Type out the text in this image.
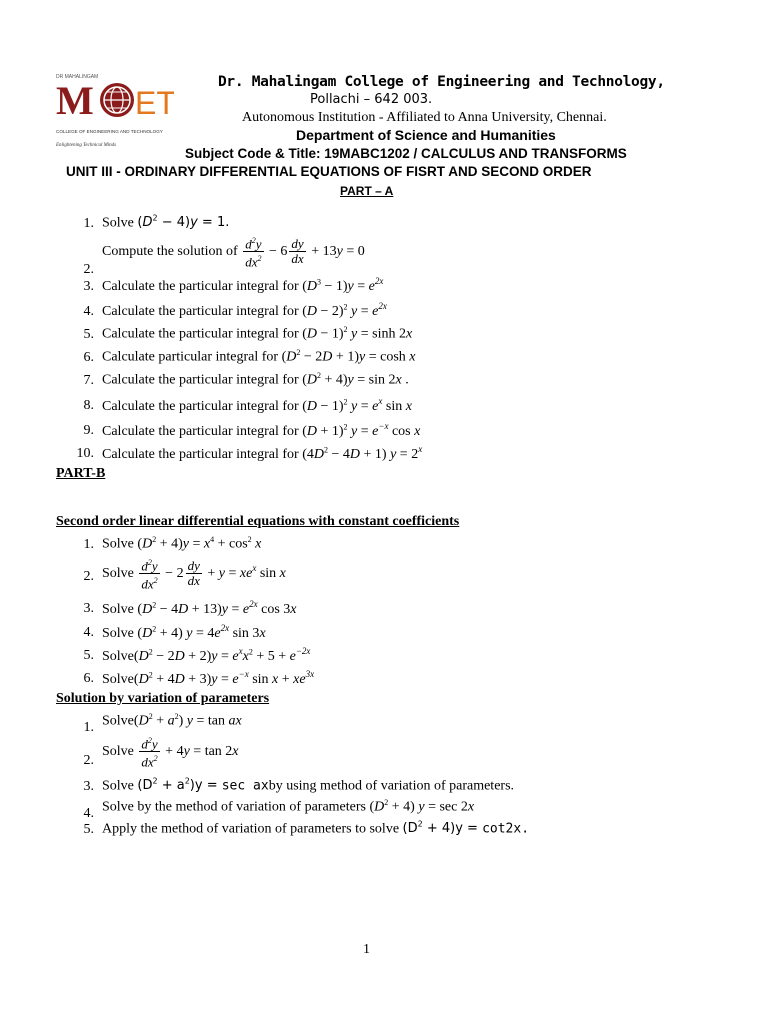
DR MAHALINGAM
M ET
COLLEGE OF ENGINEERING AND TECHNOLOGY
Enlightening Technical Minds
Dr. Mahalingam College of Engineering and Technology,
Pollachi – 642 003.
Autonomous Institution - Affiliated to Anna University, Chennai.
Department of Science and Humanities
Subject Code & Title: 19MABC1202 / CALCULUS AND TRANSFORMS
UNIT III - ORDINARY DIFFERENTIAL EQUATIONS OF FISRT AND SECOND ORDER
PART – A
1. Solve $(D^2 - 4)y = 1$.
2.
Compute the solution of $\frac{d^2y}{dx^2} - 6 \frac{dy}{dx} + 13y = 0$
3. Calculate the particular integral for $(D^3 - 1)y = e^{2x}$
4. Calculate the particular integral for $(D - 2)^2$ $y = e^{2x}$
5. Calculate the particular integral for $(D - 1)^2$ y = sinh 2x
6. Calculate particular integral for $(D^2 - 2D + 1)y = \cosh x$
7. Calculate the particular integral for $(D^2 + 4)y = \sin 2x$ .
8. Calculate the particular integral for $(D - 1)^2$ $y = e^x$ sin x
9. Calculate the particular integral for $(D + 1)^2$ $y = e^{-x}$ cos x
10. Calculate the particular integral for $(4D^2 - 4D + 1) y = 2^x$
PART-B
Second order linear differential equations with constant coefficients
1. Solve $(D^2 + 4)y = x^4 + \cos^2 x$
2. Solve $\frac{d^2y}{dx^2} - 2 \frac{dy}{dx} + y = xe^x$ sin x
3. Solve $(D^2 - 4D + 13)y = e^{2x}$ cos 3x
4. Solve $(D^2 + 4) y = 4e^{2x}$ sin 3x
5. $Solve(D^2 - 2D + 2)y = e^xx^2 + 5 + e^{-2x}$
6. $Solve(D^2 + 4D + 3)y = e^{-x}$ $\sin x + xe^{3x}$
Solution by variation of parameters
1. $Solve(D^2 + a^2) y = \tan$ ax
2.
Solve $\frac{d^2y}{dx^2} + 4y = \tan 2x$
3. Solve $(D^2 + a^2)y = \sec$ axby using method of variation of parameters.
4. Solve by the method of variation of parameters $(D^2 + 4) y = \sec 2x$
5. Apply the method of variation of parameters to solve $(D^2 + 4)y = \cot 2x$.
1
